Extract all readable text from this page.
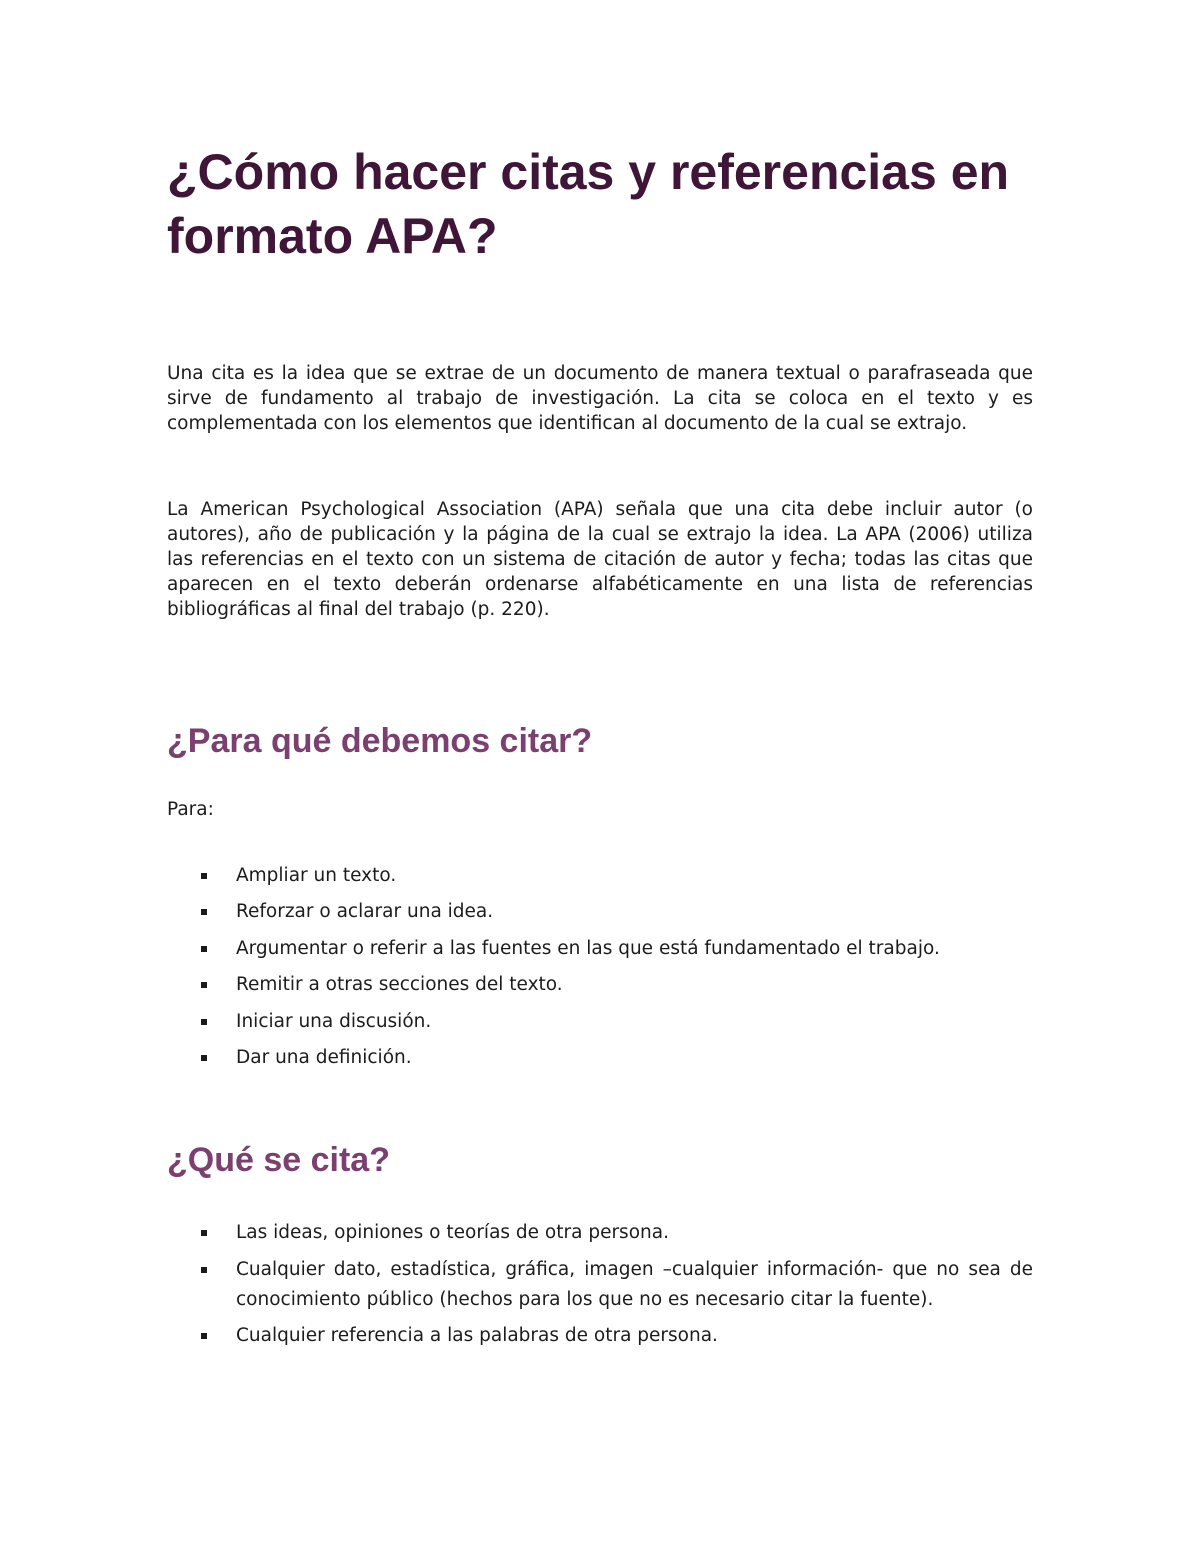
¿Cómo hacer citas y referencias en formato APA?

Una cita es la idea que se extrae de un documento de manera textual o parafraseada que sirve de fundamento al trabajo de investigación. La cita se coloca en el texto y es complementada con los elementos que identifican al documento de la cual se extrajo.

La American Psychological Association (APA) señala que una cita debe incluir autor (o autores), año de publicación y la página de la cual se extrajo la idea. La APA (2006) utiliza las referencias en el texto con un sistema de citación de autor y fecha; todas las citas que aparecen en el texto deberán ordenarse alfabéticamente en una lista de referencias bibliográficas al final del trabajo (p. 220).

¿Para qué debemos citar?

Para:

Ampliar un texto.
Reforzar o aclarar una idea.
Argumentar o referir a las fuentes en las que está fundamentado el trabajo.
Remitir a otras secciones del texto.
Iniciar una discusión.
Dar una definición.
¿Qué se cita?
Las ideas, opiniones o teorías de otra persona.
Cualquier dato, estadística, gráfica, imagen –cualquier información- que no sea de conocimiento público (hechos para los que no es necesario citar la fuente).
Cualquier referencia a las palabras de otra persona.
